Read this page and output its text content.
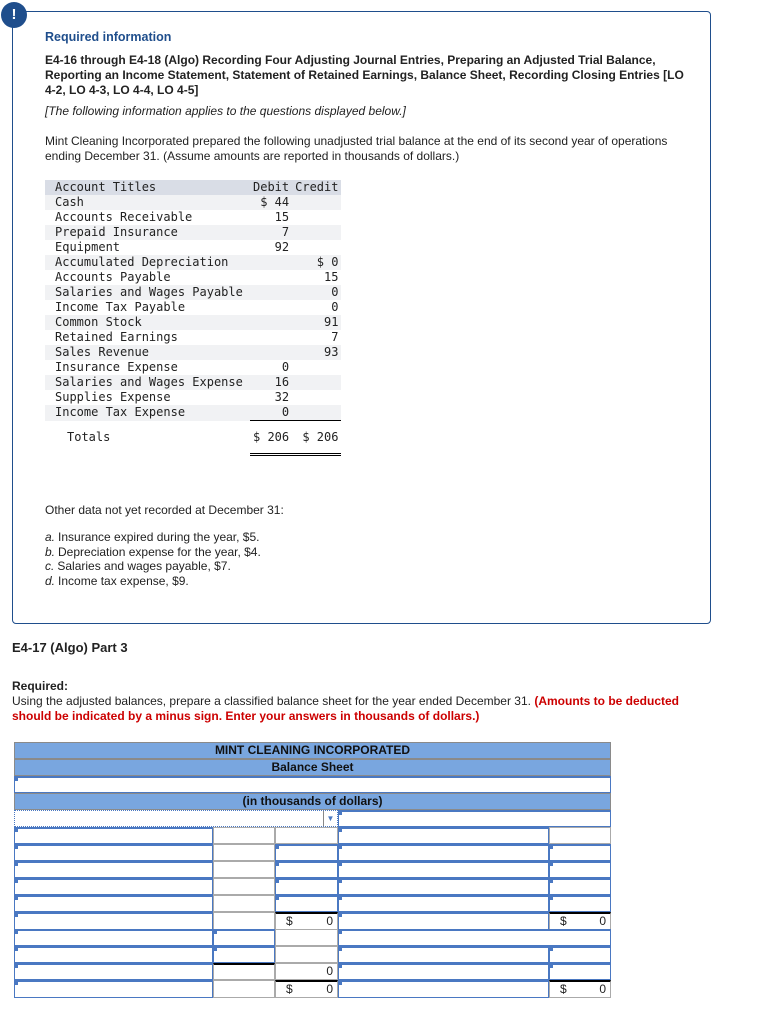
!
Required information
E4-16 through E4-18 (Algo) Recording Four Adjusting Journal Entries, Preparing an Adjusted Trial Balance, Reporting an Income Statement, Statement of Retained Earnings, Balance Sheet, Recording Closing Entries [LO 4-2, LO 4-3, LO 4-4, LO 4-5]
[The following information applies to the questions displayed below.]
Mint Cleaning Incorporated prepared the following unadjusted trial balance at the end of its second year of operations ending December 31. (Assume amounts are reported in thousands of dollars.)
Account Titles	Debit	Credit
Cash	$ 44	
Accounts Receivable	15	
Prepaid Insurance	7	
Equipment	92	
Accumulated Depreciation		$ 0
Accounts Payable		15
Salaries and Wages Payable		0
Income Tax Payable		0
Common Stock		91
Retained Earnings		7
Sales Revenue		93
Insurance Expense	0	
Salaries and Wages Expense	16	
Supplies Expense	32	
Income Tax Expense	0	
Totals	$ 206	$ 206
Other data not yet recorded at December 31:
a. Insurance expired during the year, $5.
b. Depreciation expense for the year, $4.
c. Salaries and wages payable, $7.
d. Income tax expense, $9.
E4-17 (Algo) Part 3
Required:
Using the adjusted balances, prepare a classified balance sheet for the year ended December 31. (Amounts to be deducted should be indicated by a minus sign. Enter your answers in thousands of dollars.)
MINT CLEANING INCORPORATED
Balance Sheet
(in thousands of dollars)
▼
$	0	$	0
0
$	0	$	0
